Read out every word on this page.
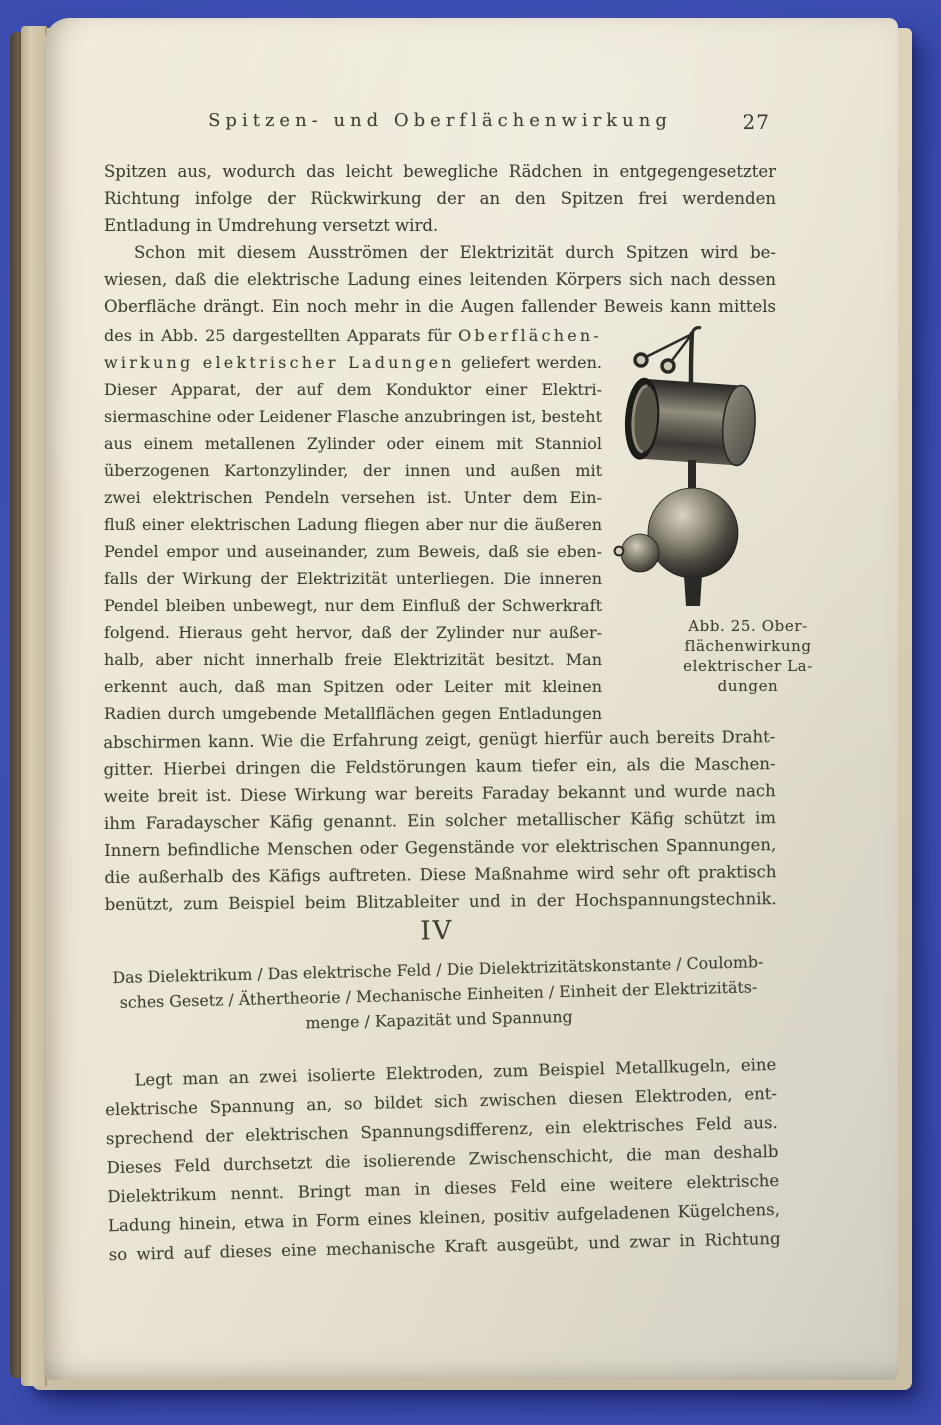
Spitzen- und Oberflächenwirkung	27
Spitzen aus, wodurch das leicht bewegliche Rädchen in entgegengesetzter
Richtung infolge der Rückwirkung der an den Spitzen frei werdenden
Entladung in Umdrehung versetzt wird.
Schon mit diesem Ausströmen der Elektrizität durch Spitzen wird be-
wiesen, daß die elektrische Ladung eines leitenden Körpers sich nach dessen
Oberfläche drängt. Ein noch mehr in die Augen fallender Beweis kann mittels
des in Abb. 25 dargestellten Apparats für Oberflächen-
wirkung elektrischer Ladungen geliefert werden.
Dieser Apparat, der auf dem Konduktor einer Elektri-
siermaschine oder Leidener Flasche anzubringen ist, besteht
aus einem metallenen Zylinder oder einem mit Stanniol
überzogenen Kartonzylinder, der innen und außen mit
zwei elektrischen Pendeln versehen ist. Unter dem Ein-
fluß einer elektrischen Ladung fliegen aber nur die äußeren
Pendel empor und auseinander, zum Beweis, daß sie eben-
falls der Wirkung der Elektrizität unterliegen. Die inneren
Pendel bleiben unbewegt, nur dem Einfluß der Schwerkraft
folgend. Hieraus geht hervor, daß der Zylinder nur außer-
halb, aber nicht innerhalb freie Elektrizität besitzt. Man
erkennt auch, daß man Spitzen oder Leiter mit kleinen
Radien durch umgebende Metallflächen gegen Entladungen
abschirmen kann. Wie die Erfahrung zeigt, genügt hierfür auch bereits Draht-
gitter. Hierbei dringen die Feldstörungen kaum tiefer ein, als die Maschen-
weite breit ist. Diese Wirkung war bereits Faraday bekannt und wurde nach
ihm Faradayscher Käfig genannt. Ein solcher metallischer Käfig schützt im
Innern befindliche Menschen oder Gegenstände vor elektrischen Spannungen,
die außerhalb des Käfigs auftreten. Diese Maßnahme wird sehr oft praktisch
benützt, zum Beispiel beim Blitzableiter und in der Hochspannungstechnik.
Abb. 25. Ober-
flächenwirkung
elektrischer La-
dungen
IV
Das Dielektrikum / Das elektrische Feld / Die Dielektrizitätskonstante / Coulomb-
sches Gesetz / Äthertheorie / Mechanische Einheiten / Einheit der Elektrizitäts-
menge / Kapazität und Spannung
Legt man an zwei isolierte Elektroden, zum Beispiel Metallkugeln, eine
elektrische Spannung an, so bildet sich zwischen diesen Elektroden, ent-
sprechend der elektrischen Spannungsdifferenz, ein elektrisches Feld aus.
Dieses Feld durchsetzt die isolierende Zwischenschicht, die man deshalb
Dielektrikum nennt. Bringt man in dieses Feld eine weitere elektrische
Ladung hinein, etwa in Form eines kleinen, positiv aufgeladenen Kügelchens,
so wird auf dieses eine mechanische Kraft ausgeübt, und zwar in Richtung
